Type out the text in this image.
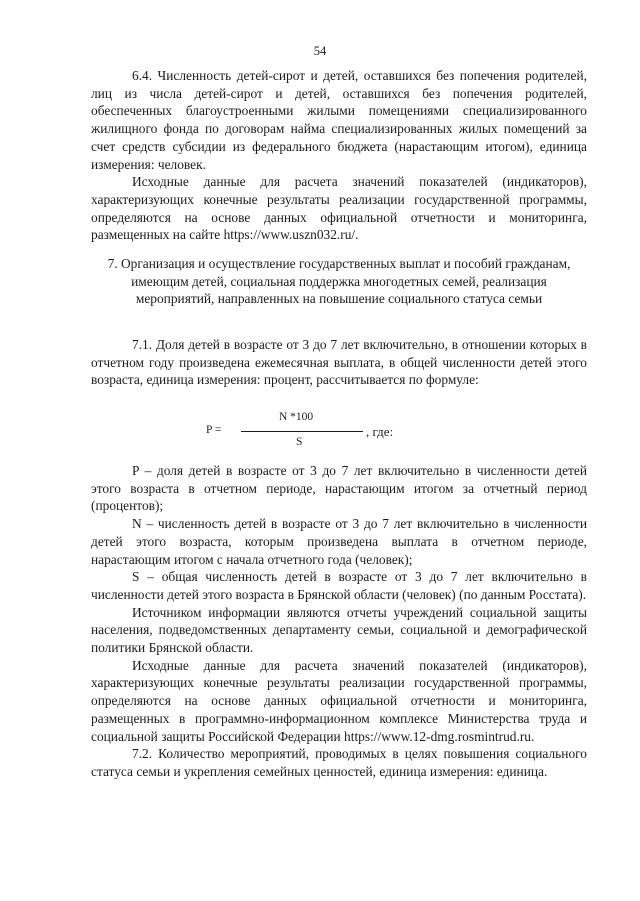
54

6.4. Численность детей-сирот и детей, оставшихся без попечения родителей, лиц из числа детей-сирот и детей, оставшихся без попечения родителей, обеспеченных благоустроенными жилыми помещениями специализированного жилищного фонда по договорам найма специализированных жилых помещений за счет средств субсидии из федерального бюджета (нарастающим итогом), единица измерения: человек.

Исходные данные для расчета значений показателей (индикаторов), характеризующих конечные результаты реализации государственной программы, определяются на основе данных официальной отчетности и мониторинга, размещенных на сайте https://www.uszn032.ru/.

7. Организация и осуществление государственных выплат и пособий гражданам, имеющим детей, социальная поддержка многодетных семей, реализация мероприятий, направленных на повышение социального статуса семьи

7.1. Доля детей в возрасте от 3 до 7 лет включительно, в отношении которых в отчетном году произведена ежемесячная выплата, в общей численности детей этого возраста, единица измерения: процент, рассчитывается по формуле:

P =
N *100
S
, где:

P – доля детей в возрасте от 3 до 7 лет включительно в численности детей этого возраста в отчетном периоде, нарастающим итогом за отчетный период (процентов);

N – численность детей в возрасте от 3 до 7 лет включительно в численности детей этого возраста, которым произведена выплата в отчетном периоде, нарастающим итогом с начала отчетного года (человек);

S – общая численность детей в возрасте от 3 до 7 лет включительно в численности детей этого возраста в Брянской области (человек) (по данным Росстата).

Источником информации являются отчеты учреждений социальной защиты населения, подведомственных департаменту семьи, социальной и демографической политики Брянской области.

Исходные данные для расчета значений показателей (индикаторов), характеризующих конечные результаты реализации государственной программы, определяются на основе данных официальной отчетности и мониторинга, размещенных в программно-информационном комплексе Министерства труда и социальной защиты Российской Федерации https://www.12-dmg.rosmintrud.ru.

7.2. Количество мероприятий, проводимых в целях повышения социального статуса семьи и укрепления семейных ценностей, единица измерения: единица.
